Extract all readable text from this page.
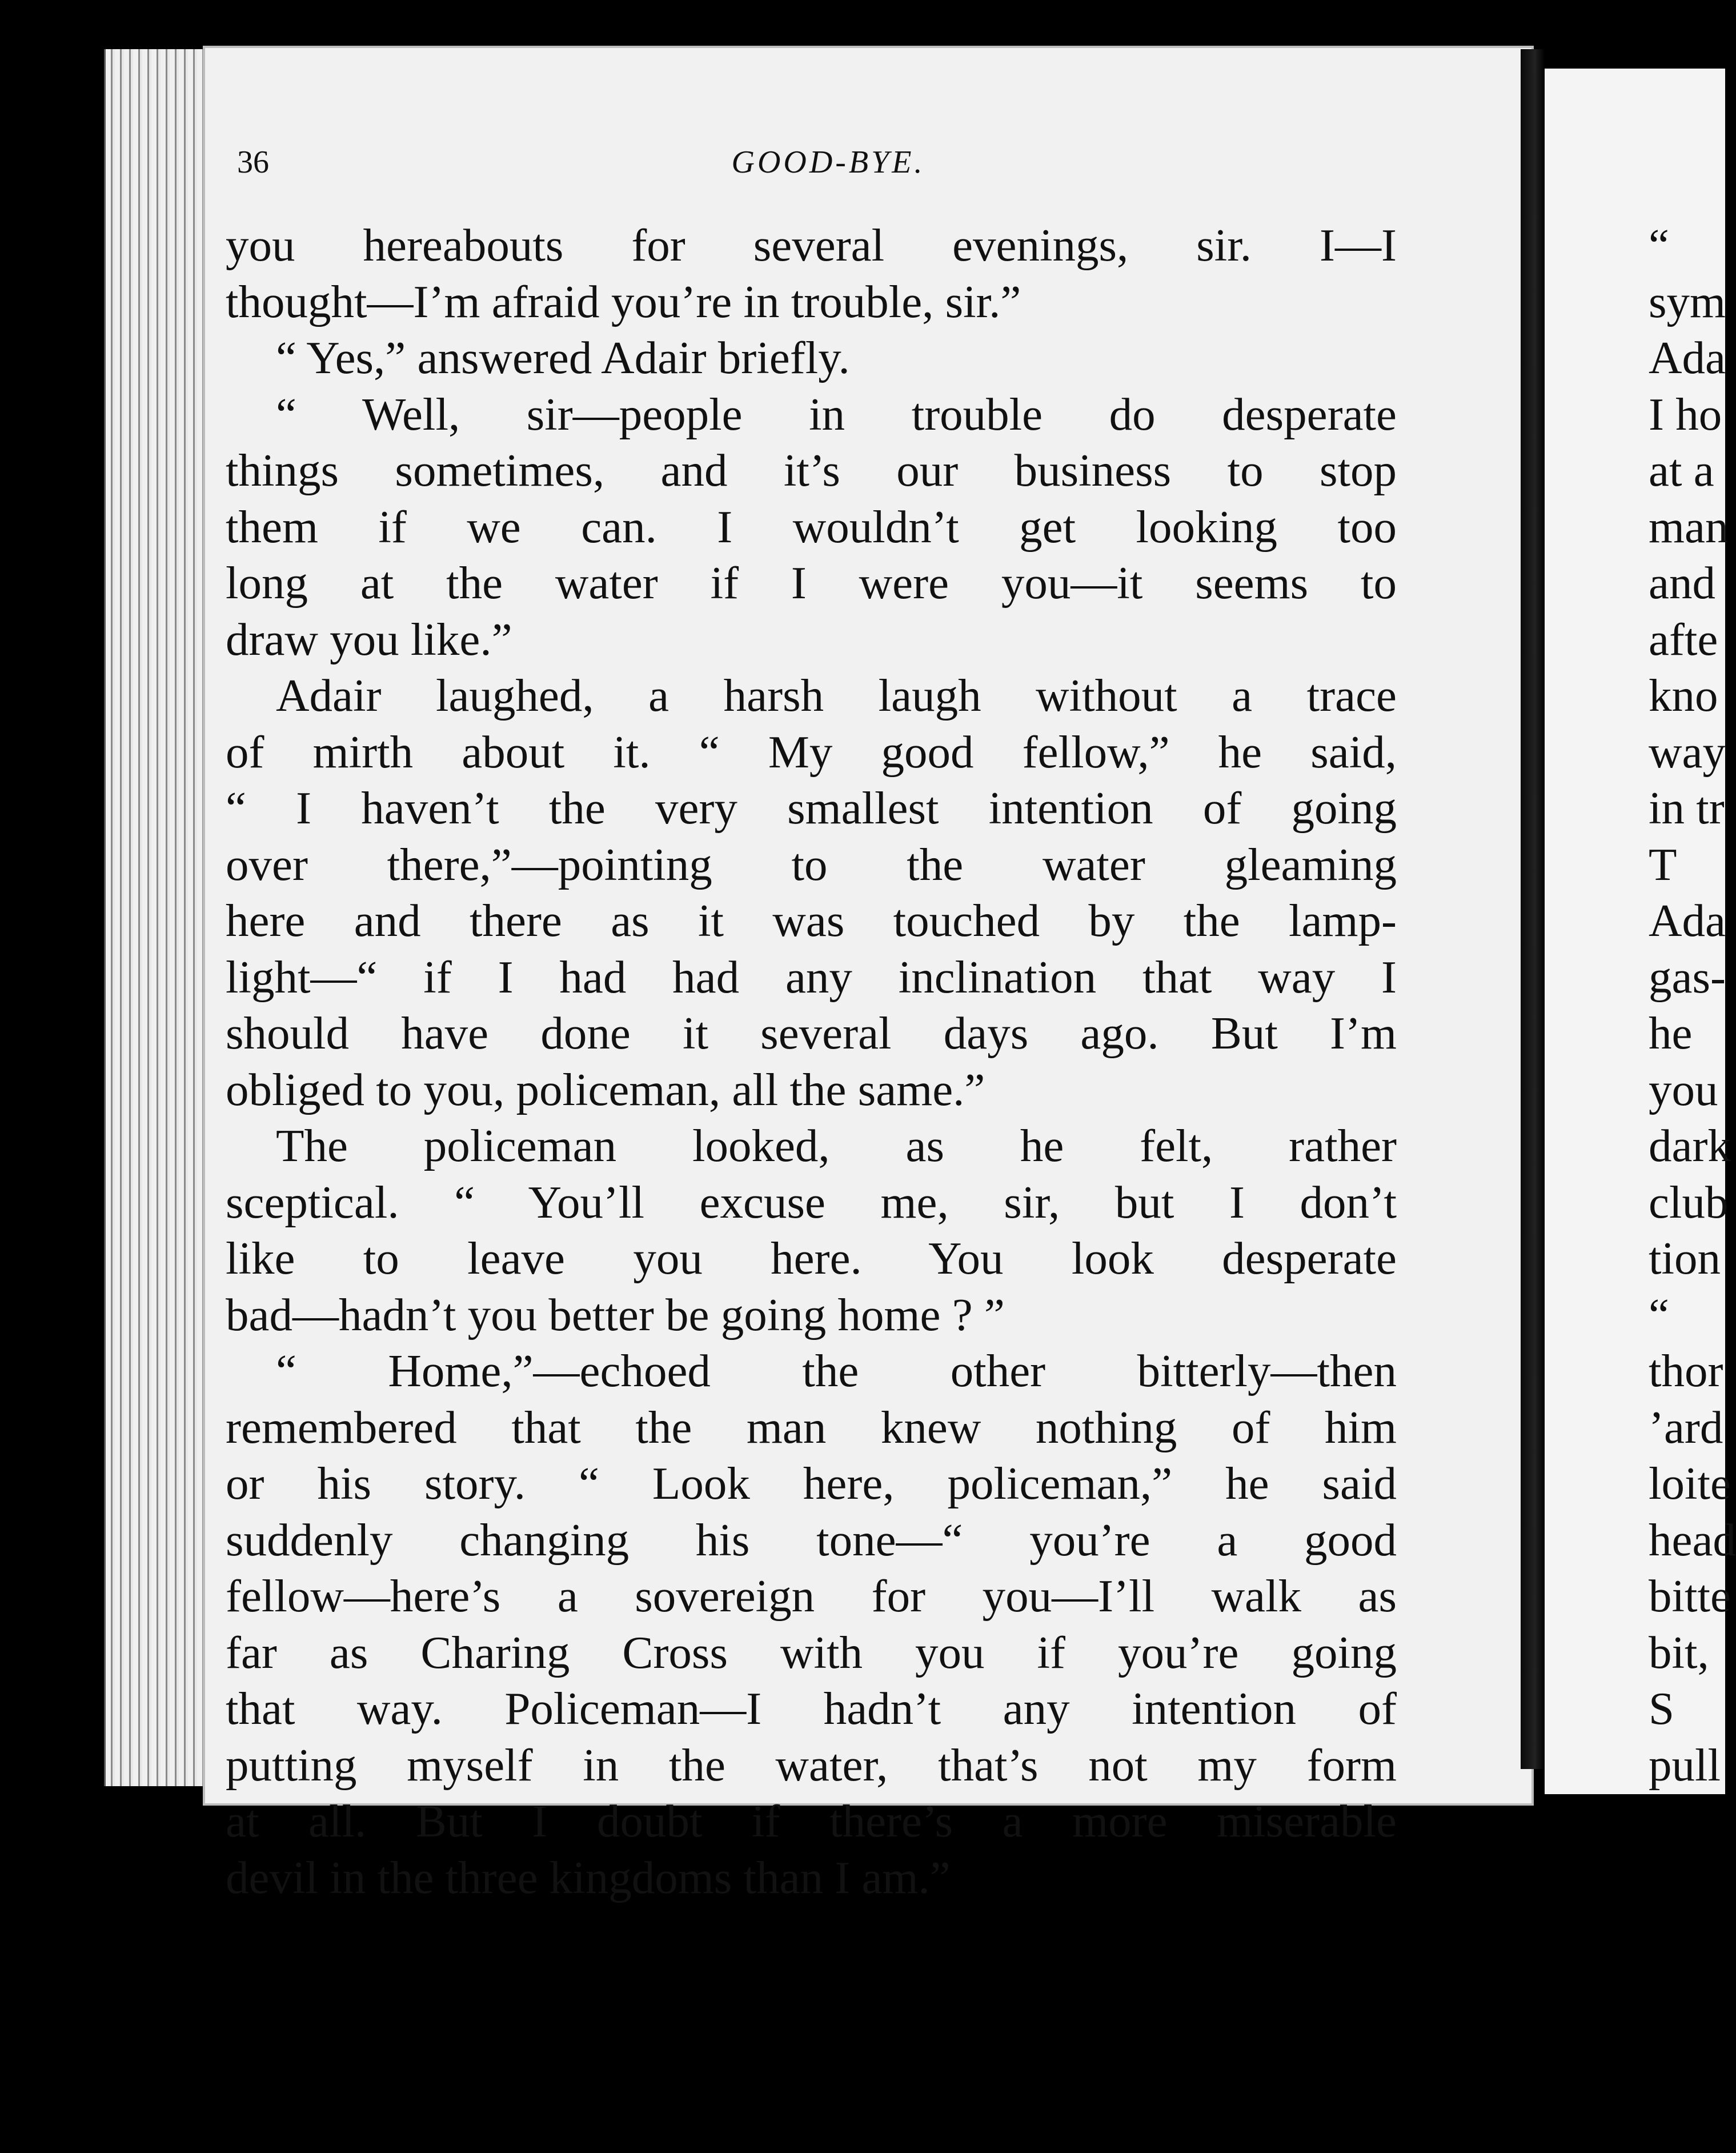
36	GOOD-BYE.
you hereabouts for several evenings, sir. I—I
thought—I’m afraid you’re in trouble, sir.”
“ Yes,” answered Adair briefly.
“ Well, sir—people in trouble do desperate
things sometimes, and it’s our business to stop
them if we can. I wouldn’t get looking too
long at the water if I were you—it seems to
draw you like.”
Adair laughed, a harsh laugh without a trace
of mirth about it. “ My good fellow,” he said,
“ I haven’t the very smallest intention of going
over there,”—pointing to the water gleaming
here and there as it was touched by the lamp-
light—“ if I had had any inclination that way I
should have done it several days ago. But I’m
obliged to you, policeman, all the same.”
The policeman looked, as he felt, rather
sceptical. “ You’ll excuse me, sir, but I don’t
like to leave you here. You look desperate
bad—hadn’t you better be going home ? ”
“ Home,”—echoed the other bitterly—then
remembered that the man knew nothing of him
or his story. “ Look here, policeman,” he said
suddenly changing his tone—“ you’re a good
fellow—here’s a sovereign for you—I’ll walk as
far as Charing Cross with you if you’re going
that way. Policeman—I hadn’t any intention of
putting myself in the water, that’s not my form
at all. But I doubt if there’s a more miserable
devil in the three kingdoms than I am.”
“
sym
Ada
I ho
at a
man
and
afte
kno
way
in tr
T
Ada
gas-
he
you
dark
club
tion
“
thor
’ard
loite
head
bitte
bit,
S
pull
